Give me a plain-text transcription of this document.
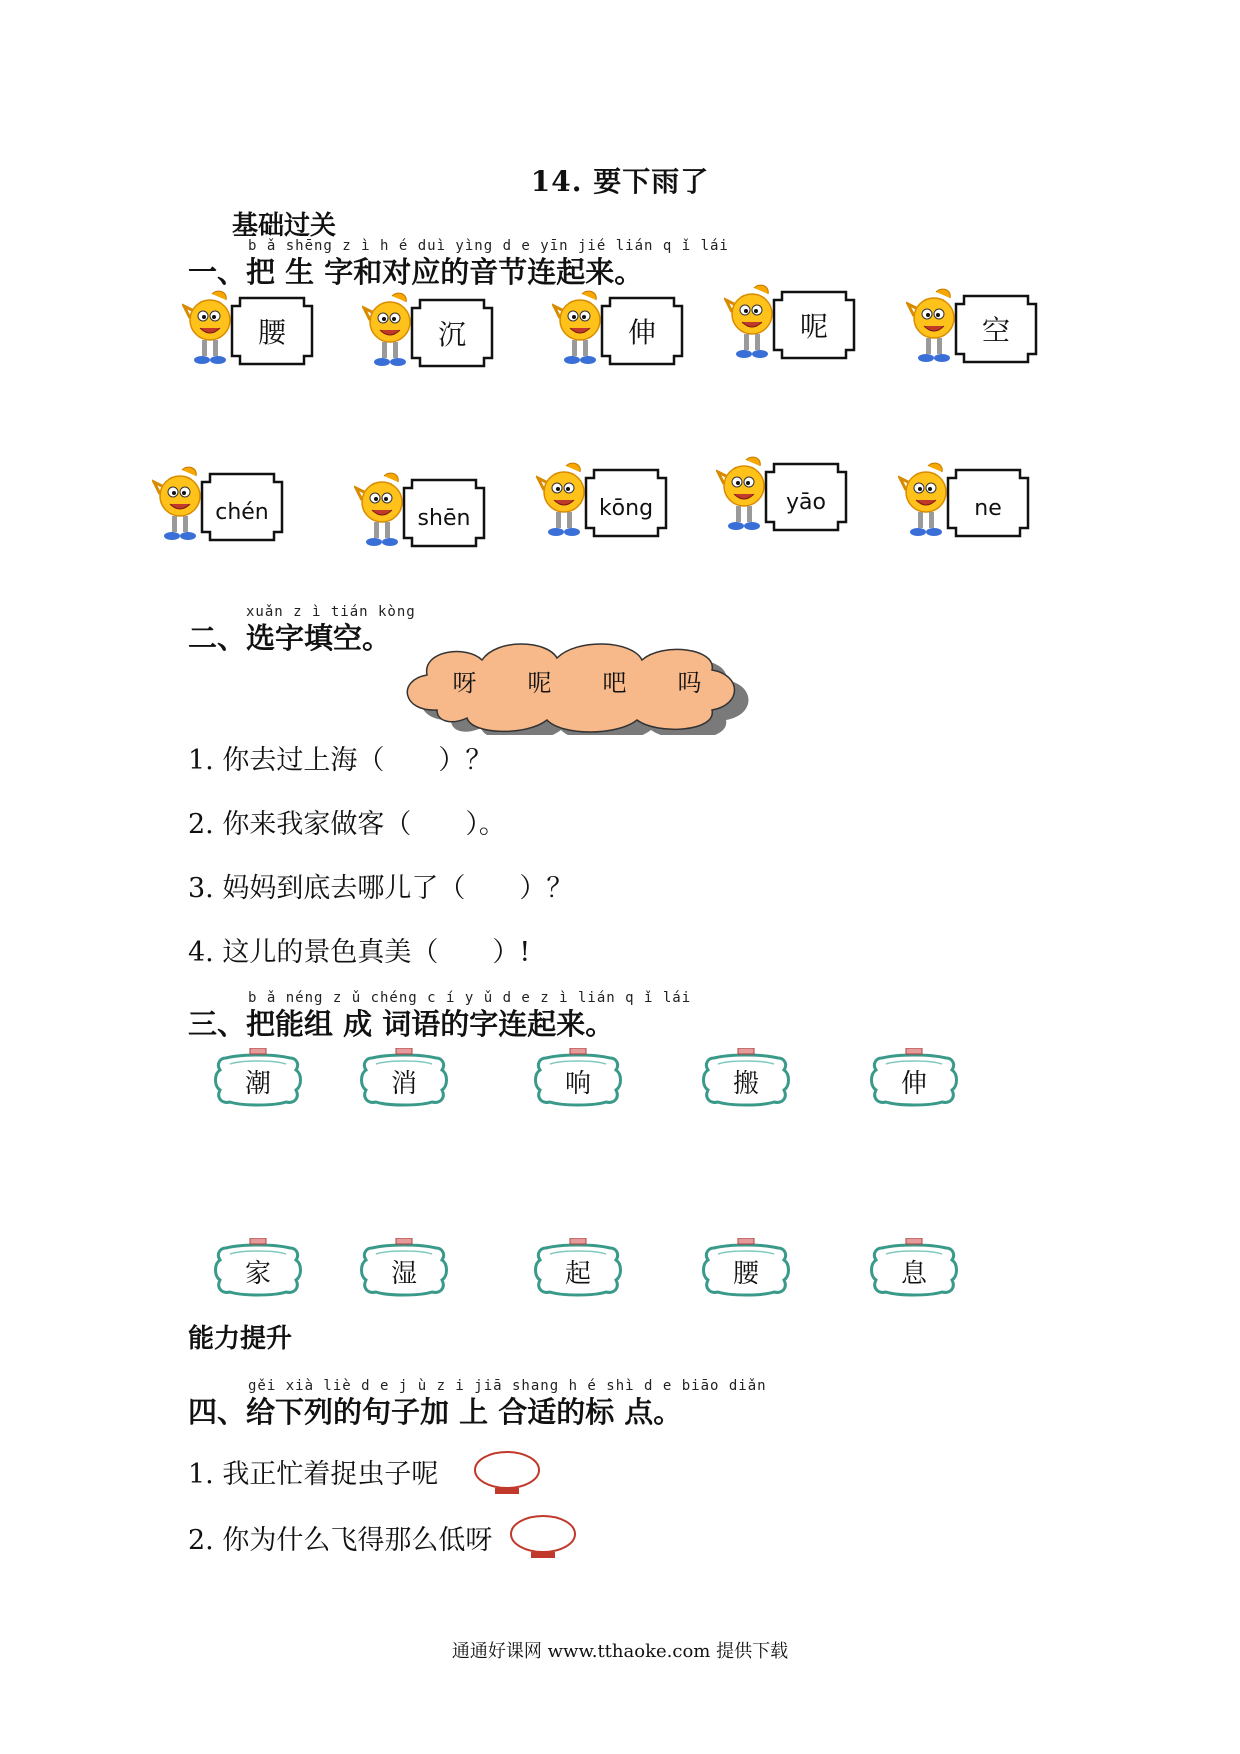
14. 要下雨了
基础过关
b ǎ shēng z ì h é duì yìng d e yīn jié lián q ǐ lái
一、把 生 字和对应的音节连起来。
腰	沉	伸	呢	空
chén	shēn	kōng	yāo	ne
xuǎn z ì tián kòng
二、选字填空。
呀 呢 吧 吗
1. 你去过上海（　　）？
2. 你来我家做客（　　）。
3. 妈妈到底去哪儿了（　　）？
4. 这儿的景色真美（　　）!
b ǎ néng z ǔ chéng c í y ǔ d e z ì lián q ǐ lái
三、把能组 成 词语的字连起来。
潮	消	响	搬	伸
家	湿	起	腰	息
能力提升
gěi xià liè d e j ù z i jiā shang h é shì d e biāo diǎn
四、给下列的句子加 上 合适的标 点。
1. 我正忙着捉虫子呢
2. 你为什么飞得那么低呀
通通好课网 www.tthaoke.com 提供下载
